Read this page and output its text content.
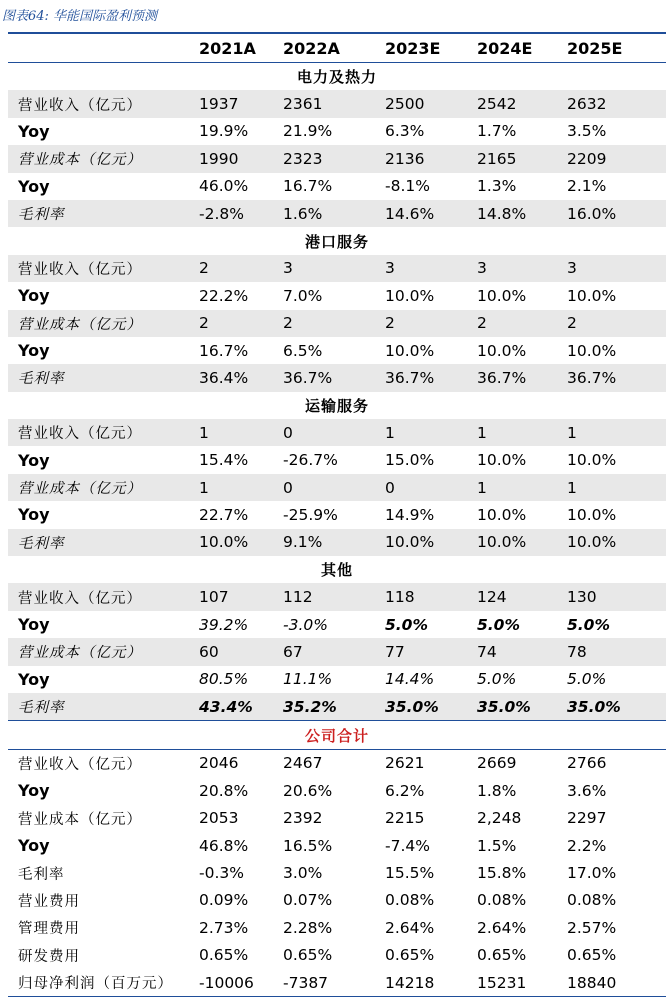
图表64: 华能国际盈利预测
	2021A	2022A	2023E	2024E	2025E
电力及热力					
营业收入（亿元）	1937	2361	2500	2542	2632
Yoy	19.9%	21.9%	6.3%	1.7%	3.5%
营业成本（亿元）	1990	2323	2136	2165	2209
Yoy	46.0%	16.7%	-8.1%	1.3%	2.1%
毛利率	-2.8%	1.6%	14.6%	14.8%	16.0%
港口服务					
营业收入（亿元）	2	3	3	3	3
Yoy	22.2%	7.0%	10.0%	10.0%	10.0%
营业成本（亿元）	2	2	2	2	2
Yoy	16.7%	6.5%	10.0%	10.0%	10.0%
毛利率	36.4%	36.7%	36.7%	36.7%	36.7%
运输服务					
营业收入（亿元）	1	0	1	1	1
Yoy	15.4%	-26.7%	15.0%	10.0%	10.0%
营业成本（亿元）	1	0	0	1	1
Yoy	22.7%	-25.9%	14.9%	10.0%	10.0%
毛利率	10.0%	9.1%	10.0%	10.0%	10.0%
其他					
营业收入（亿元）	107	112	118	124	130
Yoy	39.2%	-3.0%	5.0%	5.0%	5.0%
营业成本（亿元）	60	67	77	74	78
Yoy	80.5%	11.1%	14.4%	5.0%	5.0%
毛利率	43.4%	35.2%	35.0%	35.0%	35.0%
公司合计					
营业收入（亿元）	2046	2467	2621	2669	2766
Yoy	20.8%	20.6%	6.2%	1.8%	3.6%
营业成本（亿元）	2053	2392	2215	2,248	2297
Yoy	46.8%	16.5%	-7.4%	1.5%	2.2%
毛利率	-0.3%	3.0%	15.5%	15.8%	17.0%
营业费用	0.09%	0.07%	0.08%	0.08%	0.08%
管理费用	2.73%	2.28%	2.64%	2.64%	2.57%
研发费用	0.65%	0.65%	0.65%	0.65%	0.65%
归母净利润（百万元）	-10006	-7387	14218	15231	18840
